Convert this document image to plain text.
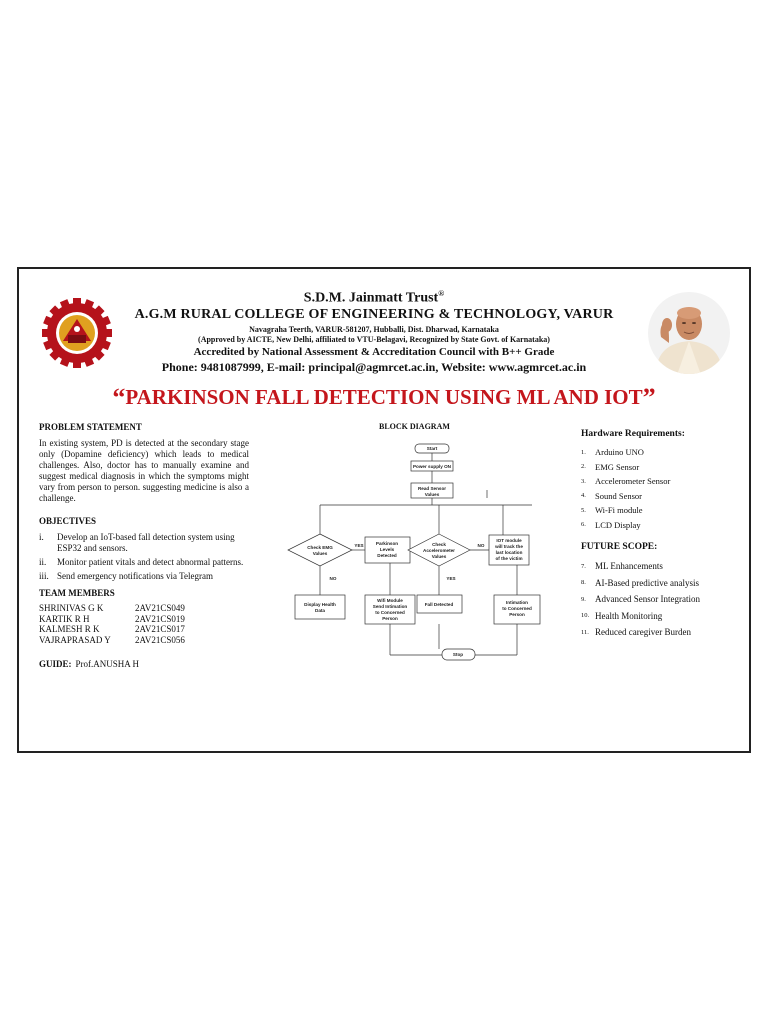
S.D.M. Jainmatt Trust®
A.G.M RURAL COLLEGE OF ENGINEERING & TECHNOLOGY, VARUR
Navagraha Teerth, VARUR-581207, Hubballi, Dist. Dharwad, Karnataka
(Approved by AICTE, New Delhi, affiliated to VTU-Belagavi, Recognized by State Govt. of Karnataka)
Accredited by National Assessment & Accreditation Council with B++ Grade
Phone: 9481087999, E-mail: principal@agmrcet.ac.in, Website: www.agmrcet.ac.in
“PARKINSON FALL DETECTION USING ML AND IOT”
PROBLEM STATEMENT

In existing system, PD is detected at the secondary stage only (Dopamine deficiency) which leads to medical challenges. Also, doctor has to manually examine and suggest medical diagnosis in which the symptoms might vary from person to person. suggesting medicine is also a challenge.

OBJECTIVES
i.	Develop an IoT-based fall detection system using ESP32 and sensors.
ii.	Monitor patient vitals and detect abnormal patterns.
iii. Send emergency notifications via Telegram
TEAM MEMBERS
SHRINIVAS G K	2AV21CS049
KARTIK R H	2AV21CS019
KALMESH R K	2AV21CS017
VAJRAPRASAD Y	2AV21CS056
GUIDE: Prof.ANUSHA H
BLOCK DIAGRAM
Start
Power supply ON
Read Sensor
Values
Check EMG
Values
Parkinson
Levels
Detected
Check
Accelerometer
Values
IOT module
will track the
last location
of the victim
YES	NO
NO	YES
Display Health
Data
Wifi Module
Send Intimation
to Concerned
Person
Fall Detected	Intimation
to Concerned
Person
Stop
Hardware Requirements:
1.	Arduino UNO
2.	EMG Sensor
3.	Accelerometer Sensor
4.	Sound Sensor
5.	Wi-Fi module
6.	LCD Display
FUTURE SCOPE:
7.	ML Enhancements
8.	AI-Based predictive analysis
9.	Advanced Sensor Integration
10. Health Monitoring
11. Reduced caregiver Burden
